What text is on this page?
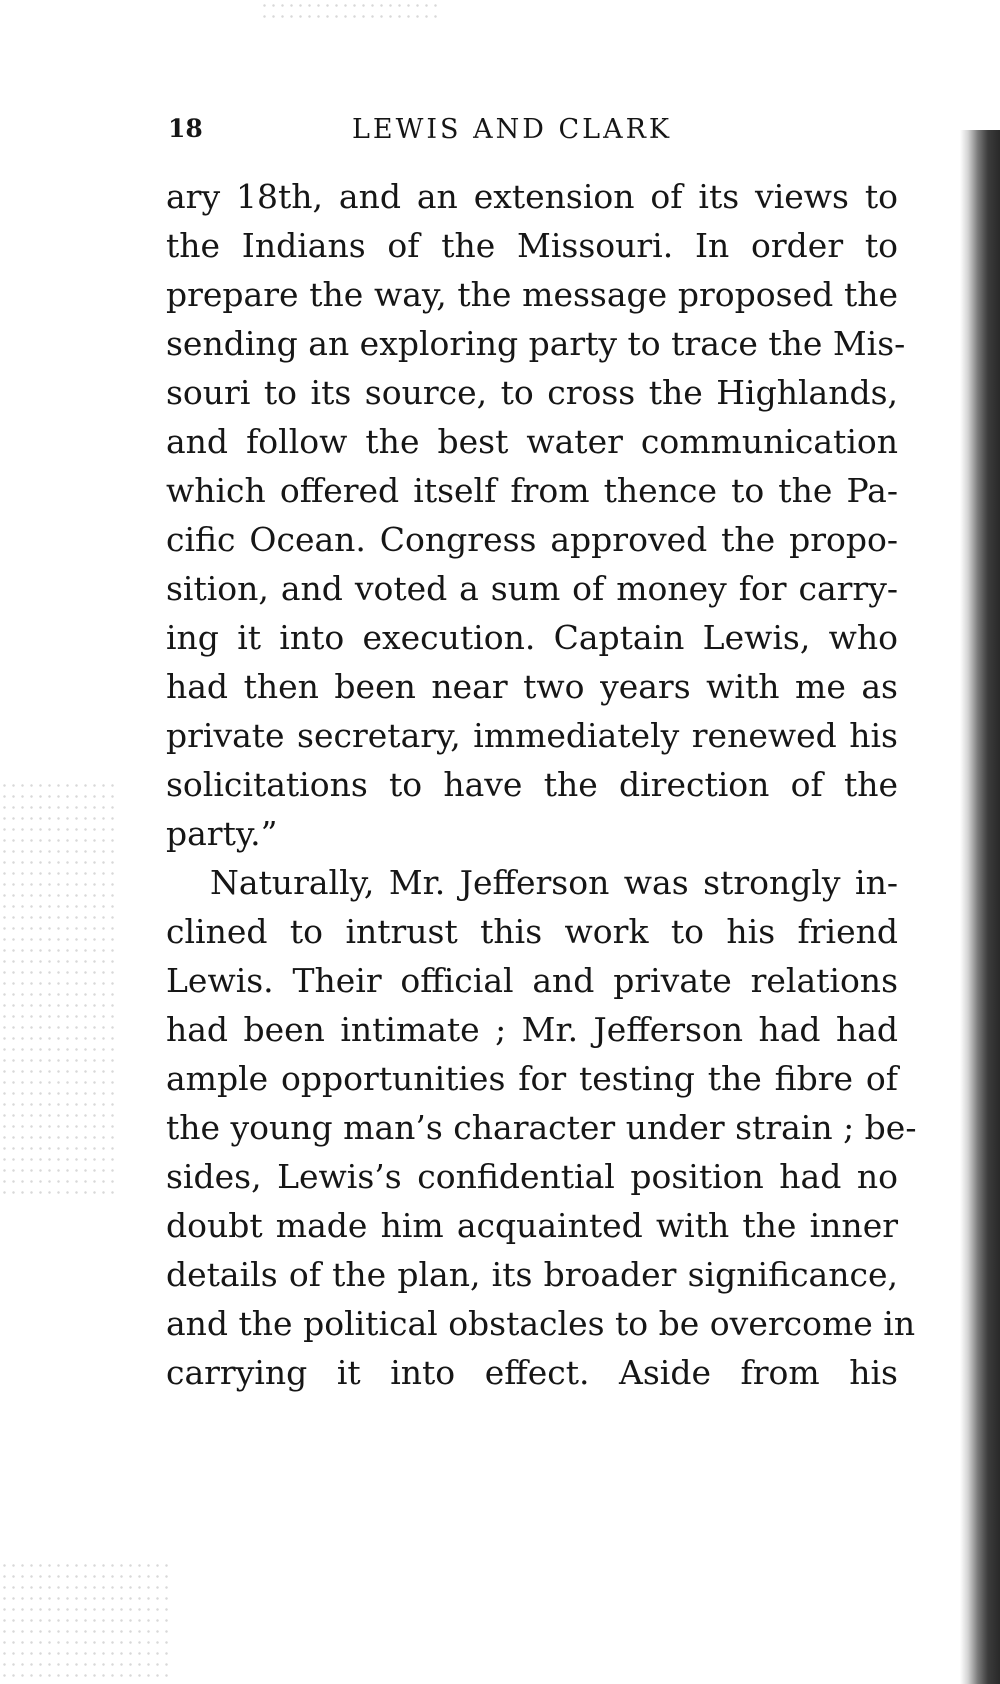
18	LEWIS AND CLARK
ary 18th, and an extension of its views to
the Indians of the Missouri. In order to
prepare the way, the message proposed the
sending an exploring party to trace the Mis-
souri to its source, to cross the Highlands,
and follow the best water communication
which offered itself from thence to the Pa-
cific Ocean. Congress approved the propo-
sition, and voted a sum of money for carry-
ing it into execution. Captain Lewis, who
had then been near two years with me as
private secretary, immediately renewed his
solicitations to have the direction of the
party.”
Naturally, Mr. Jefferson was strongly in-
clined to intrust this work to his friend
Lewis. Their official and private relations
had been intimate ; Mr. Jefferson had had
ample opportunities for testing the fibre of
the young man’s character under strain ; be-
sides, Lewis’s confidential position had no
doubt made him acquainted with the inner
details of the plan, its broader significance,
and the political obstacles to be overcome in
carrying it into effect. Aside from his
